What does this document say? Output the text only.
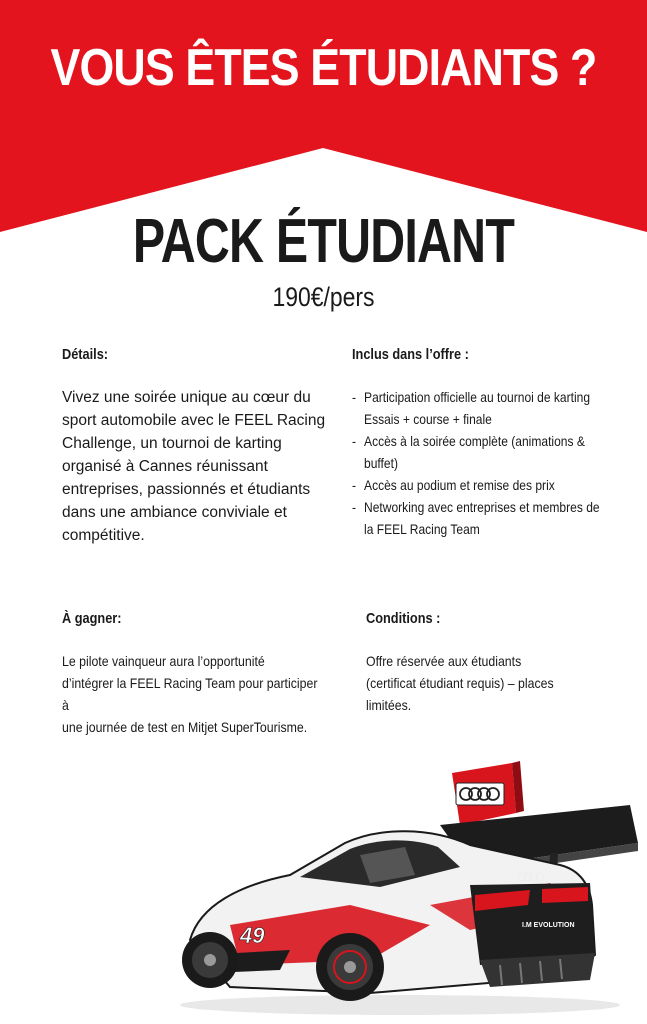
VOUS ÊTES ÉTUDIANTS ?
PACK ÉTUDIANT
190€/pers
Détails:
Vivez une soirée unique au cœur du
sport automobile avec le FEEL Racing
Challenge, un tournoi de karting
organisé à Cannes réunissant
entreprises, passionnés et étudiants
dans une ambiance conviviale et
compétitive.
Inclus dans l’offre :
- Participation officielle au tournoi de karting
Essais + course + finale
- Accès à la soirée complète (animations &
buffet)
- Accès au podium et remise des prix
- Networking avec entreprises et membres de
la FEEL Racing Team
À gagner:
Le pilote vainqueur aura l’opportunité
d’intégrer la FEEL Racing Team pour participer à
une journée de test en Mitjet SuperTourisme.
Conditions :
Offre réservée aux étudiants
(certificat étudiant requis) – places
limitées.
I.M EVOLUTION
49
